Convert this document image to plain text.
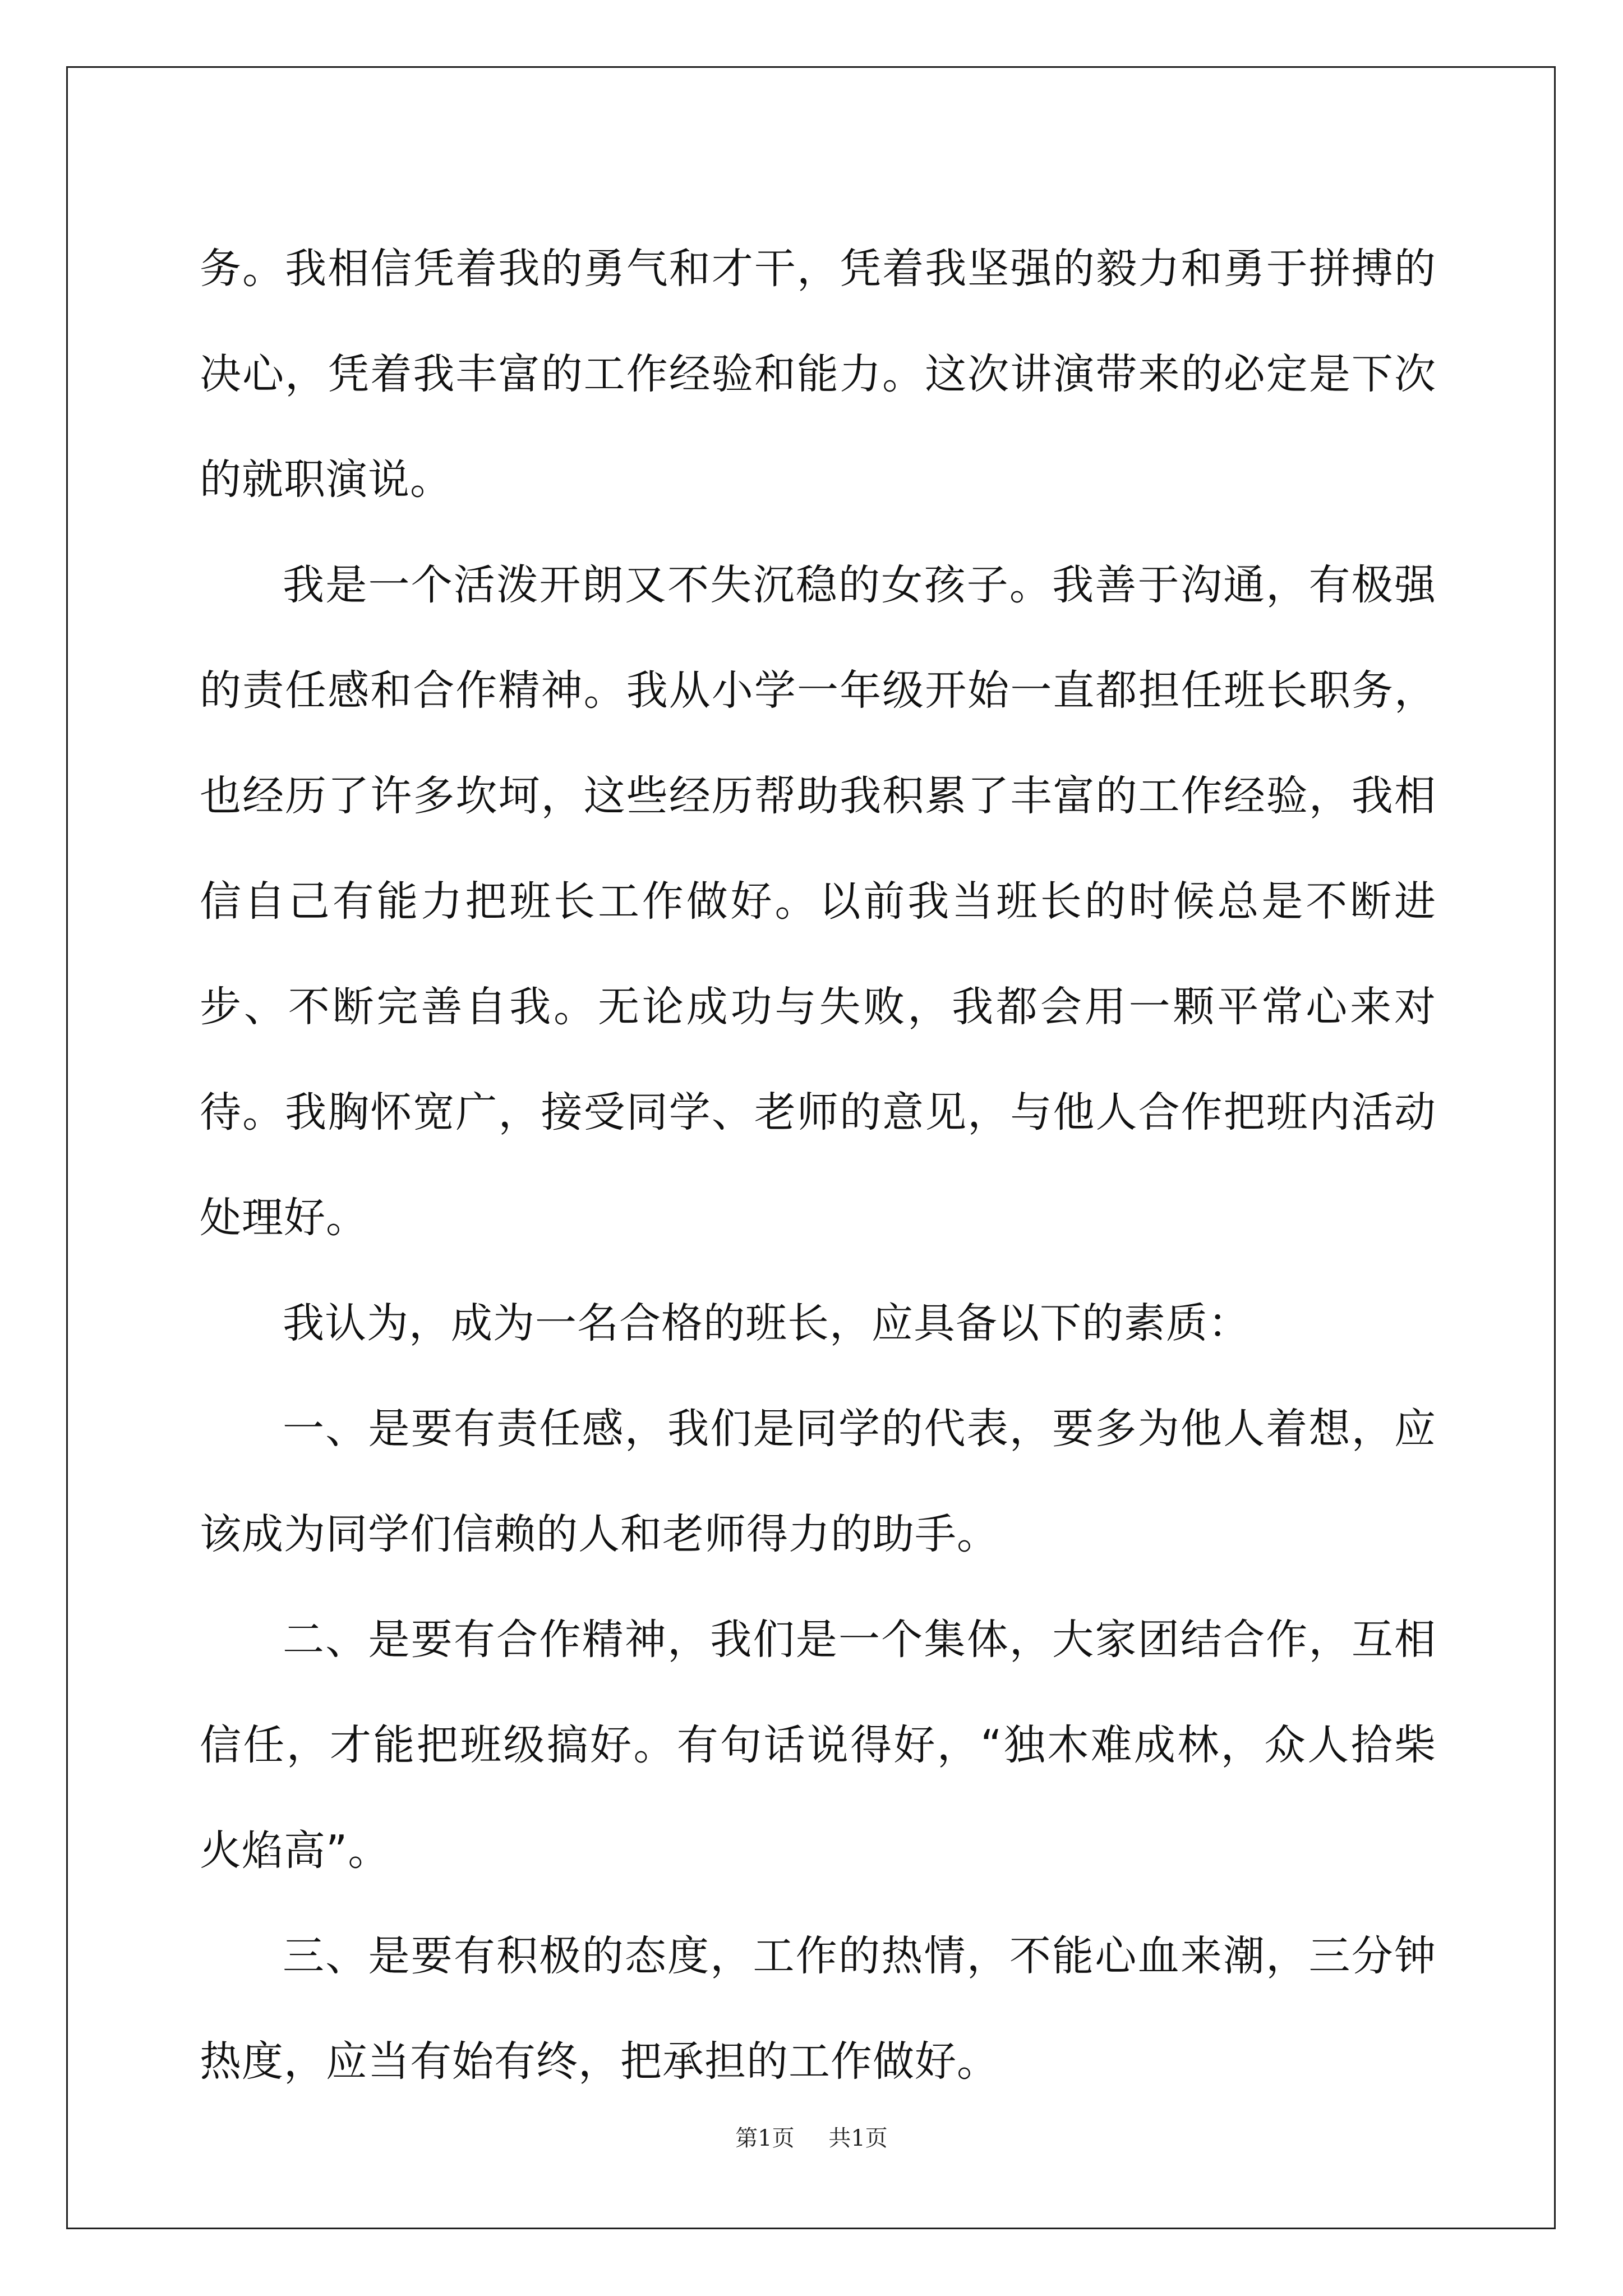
务。我相信凭着我的勇气和才干，凭着我坚强的毅力和勇于拼搏的决心，凭着我丰富的工作经验和能力。这次讲演带来的必定是下次的就职演说。

我是一个活泼开朗又不失沉稳的女孩子。我善于沟通，有极强的责任感和合作精神。我从小学一年级开始一直都担任班长职务，也经历了许多坎坷，这些经历帮助我积累了丰富的工作经验，我相信自己有能力把班长工作做好。以前我当班长的时候总是不断进步、不断完善自我。无论成功与失败，我都会用一颗平常心来对待。我胸怀宽广，接受同学、老师的意见，与他人合作把班内活动处理好。

我认为，成为一名合格的班长，应具备以下的素质：

一、是要有责任感，我们是同学的代表，要多为他人着想，应该成为同学们信赖的人和老师得力的助手。

二、是要有合作精神，我们是一个集体，大家团结合作，互相信任，才能把班级搞好。有句话说得好，“独木难成林，众人拾柴火焰高”。

三、是要有积极的态度，工作的热情，不能心血来潮，三分钟热度，应当有始有终，把承担的工作做好。

第1页 共1页
